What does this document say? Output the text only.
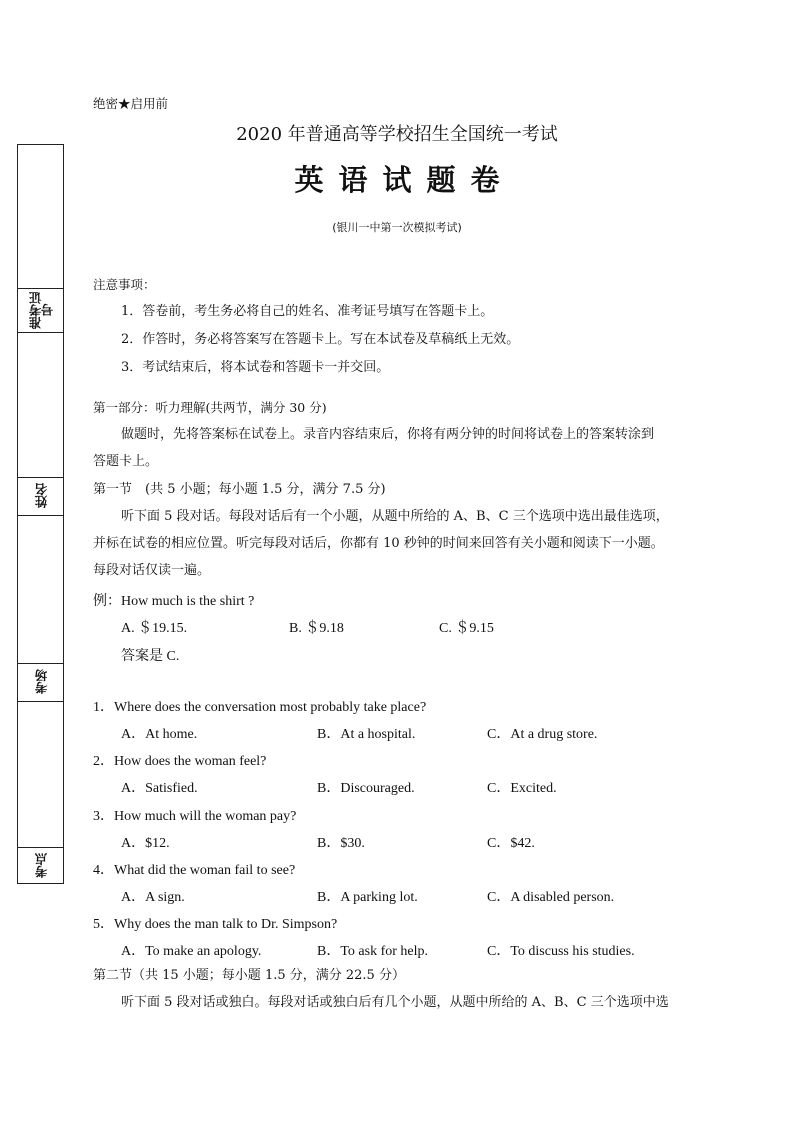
绝密★启用前
2020 年普通高等学校招生全国统一考试
英语试题卷
(银川一中第一次模拟考试)
准考证号
姓名
考场
考点
注意事项：
1．答卷前，考生务必将自己的姓名、准考证号填写在答题卡上。
2．作答时，务必将答案写在答题卡上。写在本试卷及草稿纸上无效。
3．考试结束后，将本试卷和答题卡一并交回。
第一部分：听力理解(共两节，满分 30 分)
做题时，先将答案标在试卷上。录音内容结束后，你将有两分钟的时间将试卷上的答案转涂到
答题卡上。
第一节　(共 5 小题；每小题 1.5 分，满分 7.5 分)
听下面 5 段对话。每段对话后有一个小题，从题中所给的 A、B、C 三个选项中选出最佳选项，
并标在试卷的相应位置。听完每段对话后，你都有 10 秒钟的时间来回答有关小题和阅读下一小题。
每段对话仅读一遍。
例：How much is the shirt ?
A. ＄19.15.	B. ＄9.18	C. ＄9.15
答案是 C.
1．Where does the conversation most probably take place?
A．At home.	B．At a hospital.	C．At a drug store.
2．How does the woman feel?
A．Satisfied.	B．Discouraged.	C．Excited.
3．How much will the woman pay?
A．$12.	B．$30.	C．$42.
4．What did the woman fail to see?
A．A sign.	B．A parking lot.	C．A disabled person.
5．Why does the man talk to Dr. Simpson?
A．To make an apology.	B．To ask for help.	C．To discuss his studies.
第二节（共 15 小题；每小题 1.5 分，满分 22.5 分）
听下面 5 段对话或独白。每段对话或独白后有几个小题，从题中所给的 A、B、C 三个选项中选
